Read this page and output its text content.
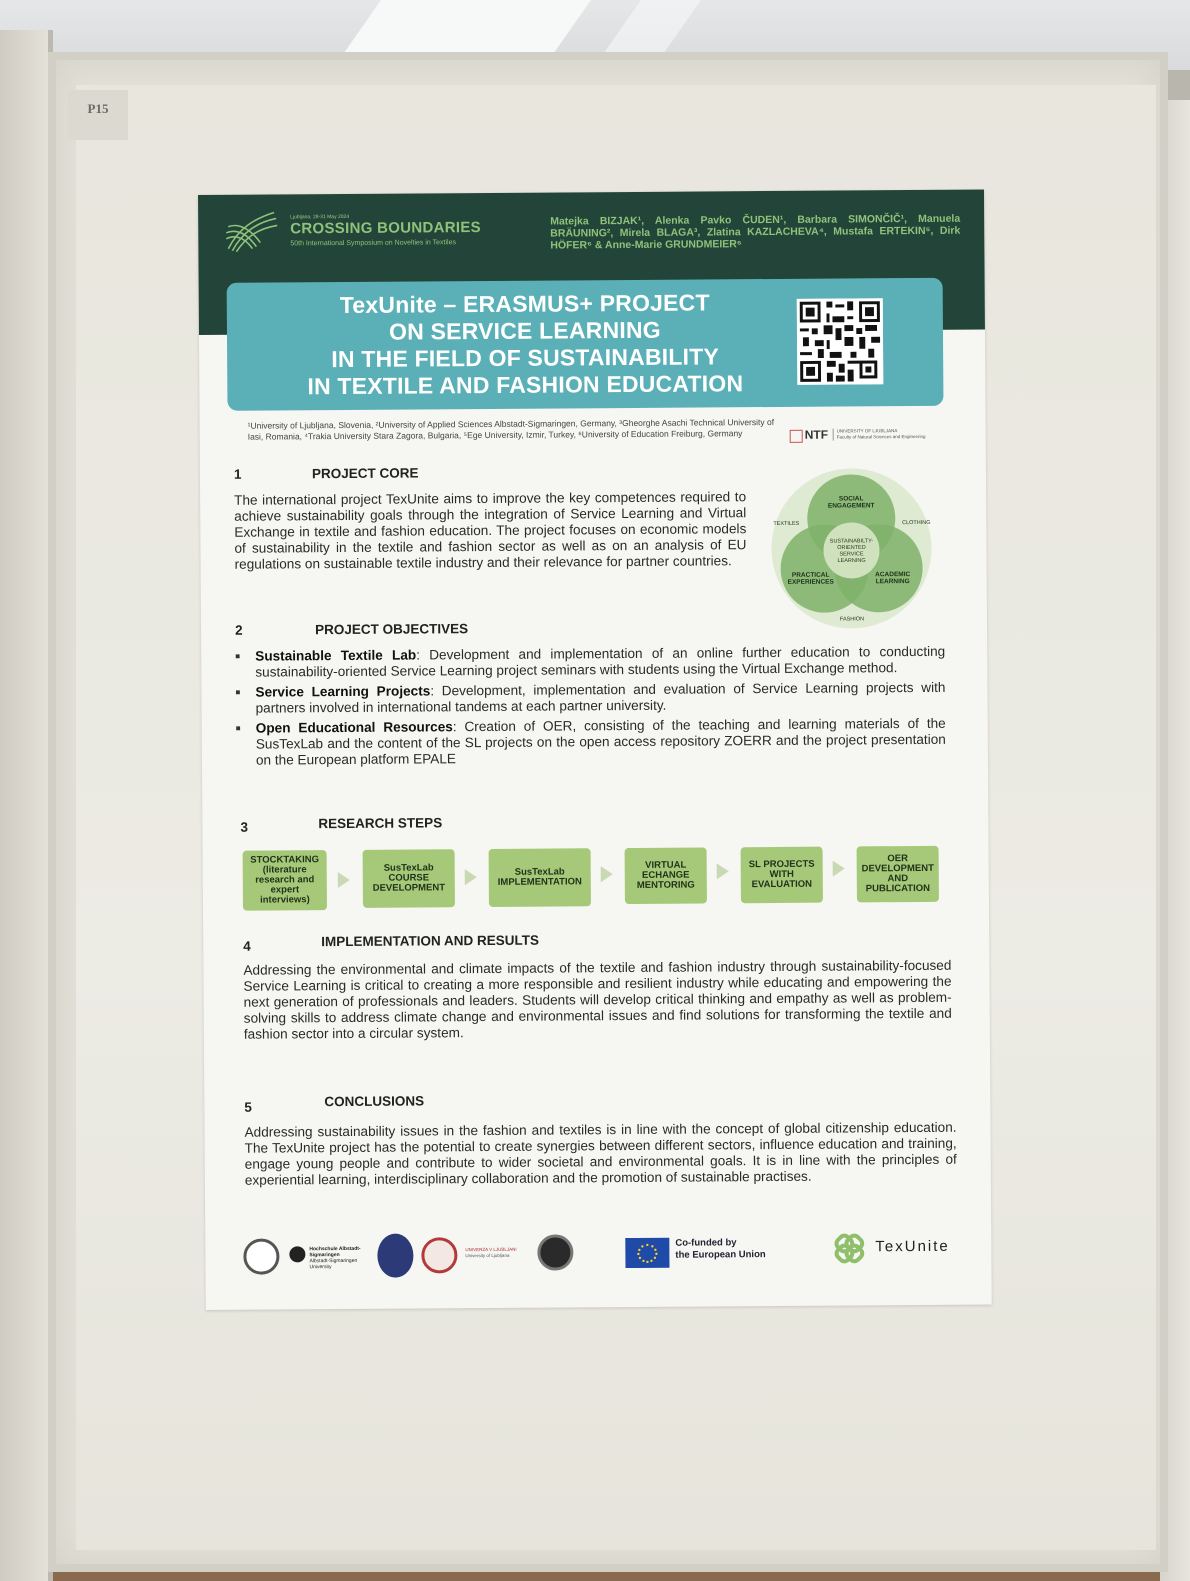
P15
Ljubljana, 28-31 May 2024
CROSSING BOUNDARIES
50th International Symposium on Novelties in Textiles
Matejka BIZJAK¹, Alenka Pavko ČUDEN¹, Barbara SIMONČIČ¹, Manuela BRÄUNING², Mirela BLAGA³, Zlatina KAZLACHEVA⁴, Mustafa ERTEKIN⁵, Dirk HÖFER⁶ & Anne-Marie GRUNDMEIER⁶
TexUnite – ERASMUS+ PROJECT
ON SERVICE LEARNING
IN THE FIELD OF SUSTAINABILITY
IN TEXTILE AND FASHION EDUCATION
¹University of Ljubljana, Slovenia, ²University of Applied Sciences Albstadt-Sigmaringen, Germany, ³Gheorghe Asachi Technical University of Iasi, Romania, ⁴Trakia University Stara Zagora, Bulgaria, ⁵Ege University, Izmir, Turkey, ⁶University of Education Freiburg, Germany	NTF UNIVERSITY OF LJUBLJANA
Faculty of Natural Sciences and Engineering
1	PROJECT CORE
The international project TexUnite aims to improve the key competences required to achieve sustainability goals through the integration of Service Learning and Virtual Exchange in textile and fashion education. The project focuses on economic models of sustainability in the textile and fashion sector as well as on an analysis of EU regulations on sustainable textile industry and their relevance for partner countries.
SOCIAL ENGAGEMENT
PRACTICAL EXPERIENCES
ACADEMIC LEARNING
SUSTAINABILTY-ORIENTED SERVICE LEARNING
TEXTILES	CLOTHING
FASHION
2	PROJECT OBJECTIVES
■ Sustainable Textile Lab: Development and implementation of an online further education to conducting sustainability-oriented Service Learning project seminars with students using the Virtual Exchange method.
■ Service Learning Projects: Development, implementation and evaluation of Service Learning projects with partners involved in international tandems at each partner university.
■ Open Educational Resources: Creation of OER, consisting of the teaching and learning materials of the SusTexLab and the content of the SL projects on the open access repository ZOERR and the project presentation on the European platform EPALE
3	RESEARCH STEPS
STOCKTAKING (literature research and expert interviews)
SusTexLab COURSE DEVELOPMENT
SusTexLab IMPLEMENTATION
VIRTUAL ECHANGE MENTORING
SL PROJECTS WITH EVALUATION
OER DEVELOPMENT AND PUBLICATION
4	IMPLEMENTATION AND RESULTS
Addressing the environmental and climate impacts of the textile and fashion industry through sustainability-focused Service Learning is critical to creating a more responsible and resilient industry while educating and empowering the next generation of professionals and leaders. Students will develop critical thinking and empathy as well as problem-solving skills to address climate change and environmental issues and find solutions for transforming the textile and fashion sector into a circular system.
5	CONCLUSIONS
Addressing sustainability issues in the fashion and textiles is in line with the concept of global citizenship education. The TexUnite project has the potential to create synergies between different sectors, influence education and training, engage young people and contribute to wider societal and environmental goals. It is in line with the principles of experiential learning, interdisciplinary collaboration and the promotion of sustainable practises.
Hochschule Albstadt-Sigmaringen
Albstadt-Sigmaringen University
UNIVERZA V LJUBLJANI
University of Ljubljana
Co-funded by
the European Union	TexUnite
